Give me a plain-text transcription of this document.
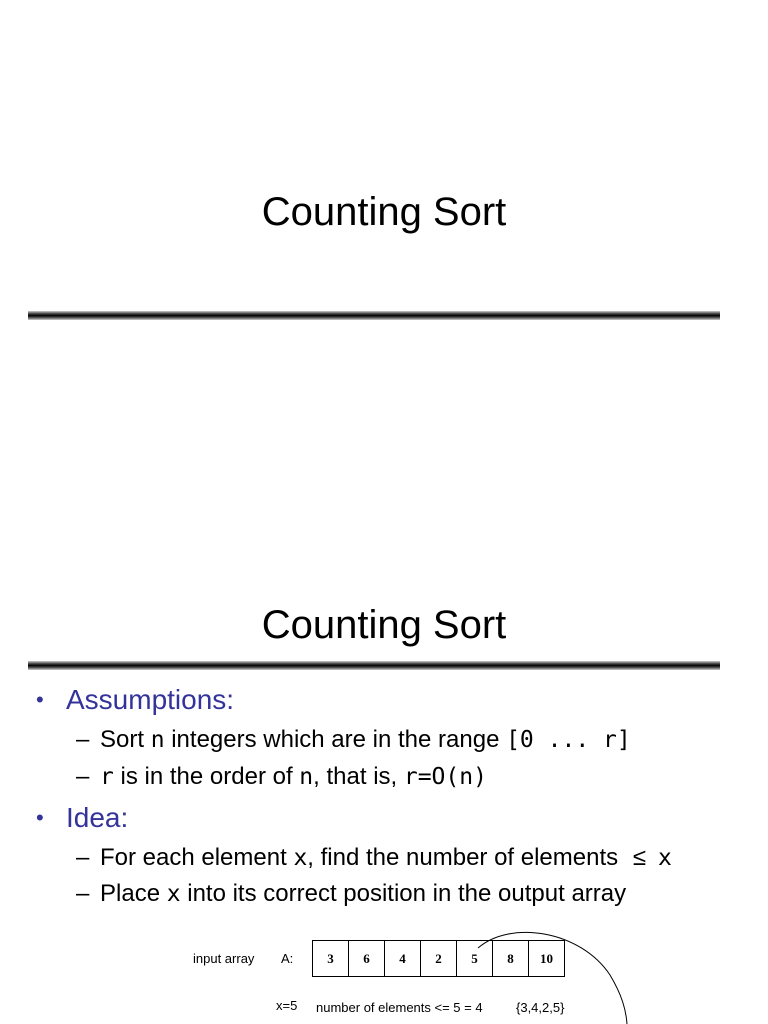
Counting Sort
Counting Sort
• Assumptions:
– Sort n integers which are in the range [0 ... r]
– r is in the order of n, that is, r=O(n)
• Idea:
– For each element x, find the number of elements ≤ x
– Place x into its correct position in the output array
input array A:	3	6	4	2	5	8	10
x=5 number of elements <= 5 = 4	{3,4,2,5}
